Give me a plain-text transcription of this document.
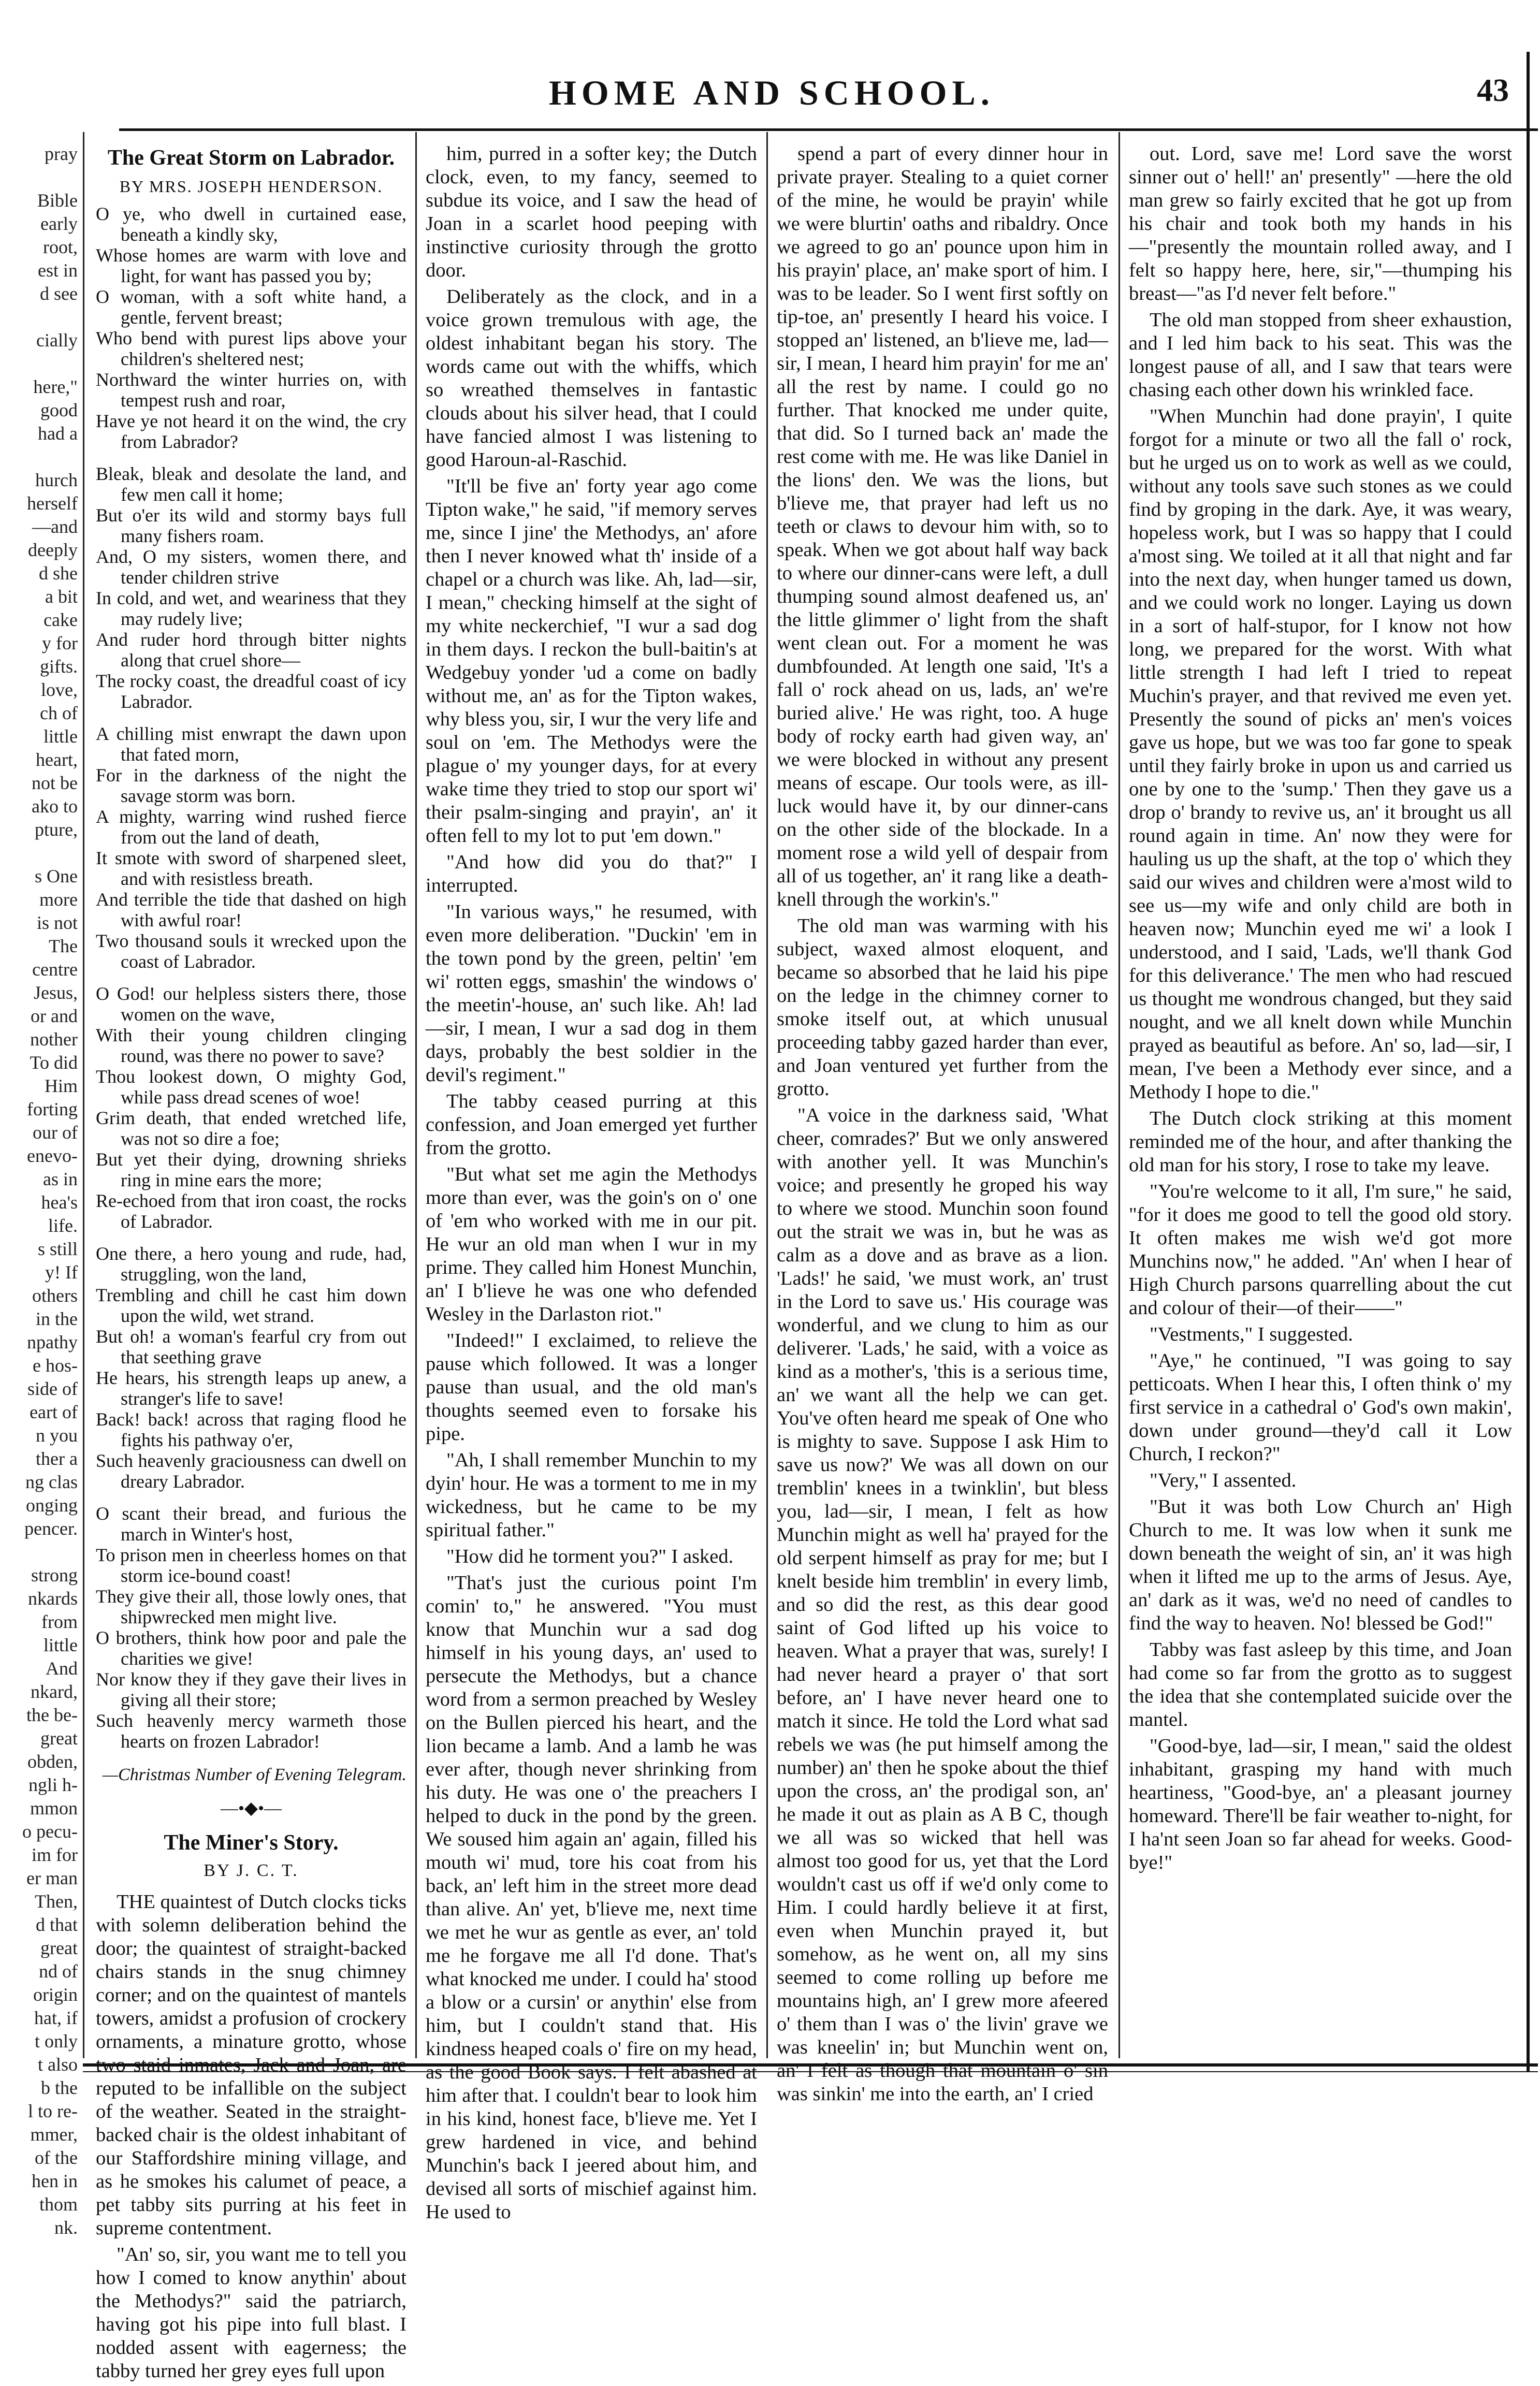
HOME AND SCHOOL.	43
pray

Bible
early
root,
est in
d see

cially

here,"
good
had a

hurch
herself
—and
deeply
d she
a bit
cake
y for
gifts.
love,
ch of
little
heart,
not be
ako to
pture,

s One
more
is not
The
centre
Jesus,
or and
nother
To did
Him
forting
our of
enevo-
as in
hea's
life.
s still
y! If
others
in the
npathy
e hos-
side of
eart of
n you
ther a
ng clas
onging
pencer.

strong
nkards
from
little
And
nkard,
the be-
great
obden,
ngli h-
mmon
o pecu-
im for
er man
Then,
d that
great
nd of
origin
hat, if
t only
t also
b the
l to re-
mmer,
of the
hen in
thom
nk.
The Great Storm on Labrador.
BY MRS. JOSEPH HENDERSON.
O ye, who dwell in curtained ease, beneath a kindly sky,
Whose homes are warm with love and light, for want has passed you by;
O woman, with a soft white hand, a gentle, fervent breast;
Who bend with purest lips above your children's sheltered nest;
Northward the winter hurries on, with tempest rush and roar,
Have ye not heard it on the wind, the cry from Labrador?
Bleak, bleak and desolate the land, and few men call it home;
But o'er its wild and stormy bays full many fishers roam.
And, O my sisters, women there, and tender children strive
In cold, and wet, and weariness that they may rudely live;
And ruder hord through bitter nights along that cruel shore—
The rocky coast, the dreadful coast of icy Labrador.
A chilling mist enwrapt the dawn upon that fated morn,
For in the darkness of the night the savage storm was born.
A mighty, warring wind rushed fierce from out the land of death,
It smote with sword of sharpened sleet, and with resistless breath.
And terrible the tide that dashed on high with awful roar!
Two thousand souls it wrecked upon the coast of Labrador.
O God! our helpless sisters there, those women on the wave,
With their young children clinging round, was there no power to save?
Thou lookest down, O mighty God, while pass dread scenes of woe!
Grim death, that ended wretched life, was not so dire a foe;
But yet their dying, drowning shrieks ring in mine ears the more;
Re-echoed from that iron coast, the rocks of Labrador.
One there, a hero young and rude, had, struggling, won the land,
Trembling and chill he cast him down upon the wild, wet strand.
But oh! a woman's fearful cry from out that seething grave
He hears, his strength leaps up anew, a stranger's life to save!
Back! back! across that raging flood he fights his pathway o'er,
Such heavenly graciousness can dwell on dreary Labrador.
O scant their bread, and furious the march in Winter's host,
To prison men in cheerless homes on that storm ice-bound coast!
They give their all, those lowly ones, that shipwrecked men might live.
O brothers, think how poor and pale the charities we give!
Nor know they if they gave their lives in giving all their store;
Such heavenly mercy warmeth those hearts on frozen Labrador!
—Christmas Number of Evening Telegram.
—•◆•—
The Miner's Story.
BY J. C. T.

THE quaintest of Dutch clocks ticks with solemn deliberation behind the door; the quaintest of straight-backed chairs stands in the snug chimney corner; and on the quaintest of mantels towers, amidst a profusion of crockery ornaments, a minature grotto, whose two staid inmates, Jack and Joan, are reputed to be infallible on the subject of the weather. Seated in the straight-backed chair is the oldest inhabitant of our Staffordshire mining village, and as he smokes his calumet of peace, a pet tabby sits purring at his feet in supreme contentment.

"An' so, sir, you want me to tell you how I comed to know anythin' about the Methodys?" said the patriarch, having got his pipe into full blast. I nodded assent with eagerness; the tabby turned her grey eyes full upon

him, purred in a softer key; the Dutch clock, even, to my fancy, seemed to subdue its voice, and I saw the head of Joan in a scarlet hood peeping with instinctive curiosity through the grotto door.

Deliberately as the clock, and in a voice grown tremulous with age, the oldest inhabitant began his story. The words came out with the whiffs, which so wreathed themselves in fantastic clouds about his silver head, that I could have fancied almost I was listening to good Haroun-al-Raschid.

"It'll be five an' forty year ago come Tipton wake," he said, "if memory serves me, since I jine' the Methodys, an' afore then I never knowed what th' inside of a chapel or a church was like. Ah, lad—sir, I mean," checking himself at the sight of my white neckerchief, "I wur a sad dog in them days. I reckon the bull-baitin's at Wedgebuy yonder 'ud a come on badly without me, an' as for the Tipton wakes, why bless you, sir, I wur the very life and soul on 'em. The Methodys were the plague o' my younger days, for at every wake time they tried to stop our sport wi' their psalm-singing and prayin', an' it often fell to my lot to put 'em down."

"And how did you do that?" I interrupted.

"In various ways," he resumed, with even more deliberation. "Duckin' 'em in the town pond by the green, peltin' 'em wi' rotten eggs, smashin' the windows o' the meetin'-house, an' such like. Ah! lad—sir, I mean, I wur a sad dog in them days, probably the best soldier in the devil's regiment."

The tabby ceased purring at this confession, and Joan emerged yet further from the grotto.

"But what set me agin the Methodys more than ever, was the goin's on o' one of 'em who worked with me in our pit. He wur an old man when I wur in my prime. They called him Honest Munchin, an' I b'lieve he was one who defended Wesley in the Darlaston riot."

"Indeed!" I exclaimed, to relieve the pause which followed. It was a longer pause than usual, and the old man's thoughts seemed even to forsake his pipe.

"Ah, I shall remember Munchin to my dyin' hour. He was a torment to me in my wickedness, but he came to be my spiritual father."

"How did he torment you?" I asked.

"That's just the curious point I'm comin' to," he answered. "You must know that Munchin wur a sad dog himself in his young days, an' used to persecute the Methodys, but a chance word from a sermon preached by Wesley on the Bullen pierced his heart, and the lion became a lamb. And a lamb he was ever after, though never shrinking from his duty. He was one o' the preachers I helped to duck in the pond by the green. We soused him again an' again, filled his mouth wi' mud, tore his coat from his back, an' left him in the street more dead than alive. An' yet, b'lieve me, next time we met he wur as gentle as ever, an' told me he forgave me all I'd done. That's what knocked me under. I could ha' stood a blow or a cursin' or anythin' else from him, but I couldn't stand that. His kindness heaped coals o' fire on my head, as the good Book says. I felt abashed at him after that. I couldn't bear to look him in his kind, honest face, b'lieve me. Yet I grew hardened in vice, and behind Munchin's back I jeered about him, and devised all sorts of mischief against him. He used to

spend a part of every dinner hour in private prayer. Stealing to a quiet corner of the mine, he would be prayin' while we were blurtin' oaths and ribaldry. Once we agreed to go an' pounce upon him in his prayin' place, an' make sport of him. I was to be leader. So I went first softly on tip-toe, an' presently I heard his voice. I stopped an' listened, an b'lieve me, lad—sir, I mean, I heard him prayin' for me an' all the rest by name. I could go no further. That knocked me under quite, that did. So I turned back an' made the rest come with me. He was like Daniel in the lions' den. We was the lions, but b'lieve me, that prayer had left us no teeth or claws to devour him with, so to speak. When we got about half way back to where our dinner-cans were left, a dull thumping sound almost deafened us, an' the little glimmer o' light from the shaft went clean out. For a moment he was dumbfounded. At length one said, 'It's a fall o' rock ahead on us, lads, an' we're buried alive.' He was right, too. A huge body of rocky earth had given way, an' we were blocked in without any present means of escape. Our tools were, as ill-luck would have it, by our dinner-cans on the other side of the blockade. In a moment rose a wild yell of despair from all of us together, an' it rang like a death-knell through the workin's."

The old man was warming with his subject, waxed almost eloquent, and became so absorbed that he laid his pipe on the ledge in the chimney corner to smoke itself out, at which unusual proceeding tabby gazed harder than ever, and Joan ventured yet further from the grotto.

"A voice in the darkness said, 'What cheer, comrades?' But we only answered with another yell. It was Munchin's voice; and presently he groped his way to where we stood. Munchin soon found out the strait we was in, but he was as calm as a dove and as brave as a lion. 'Lads!' he said, 'we must work, an' trust in the Lord to save us.' His courage was wonderful, and we clung to him as our deliverer. 'Lads,' he said, with a voice as kind as a mother's, 'this is a serious time, an' we want all the help we can get. You've often heard me speak of One who is mighty to save. Suppose I ask Him to save us now?' We was all down on our tremblin' knees in a twinklin', but bless you, lad—sir, I mean, I felt as how Munchin might as well ha' prayed for the old serpent himself as pray for me; but I knelt beside him tremblin' in every limb, and so did the rest, as this dear good saint of God lifted up his voice to heaven. What a prayer that was, surely! I had never heard a prayer o' that sort before, an' I have never heard one to match it since. He told the Lord what sad rebels we was (he put himself among the number) an' then he spoke about the thief upon the cross, an' the prodigal son, an' he made it out as plain as A B C, though we all was so wicked that hell was almost too good for us, yet that the Lord wouldn't cast us off if we'd only come to Him. I could hardly believe it at first, even when Munchin prayed it, but somehow, as he went on, all my sins seemed to come rolling up before me mountains high, an' I grew more afeered o' them than I was o' the livin' grave we was kneelin' in; but Munchin went on, an' I felt as though that mountain o' sin was sinkin' me into the earth, an' I cried

out. Lord, save me! Lord save the worst sinner out o' hell!' an' presently" —here the old man grew so fairly excited that he got up from his chair and took both my hands in his—"presently the mountain rolled away, and I felt so happy here, here, sir,"—thumping his breast—"as I'd never felt before."

The old man stopped from sheer exhaustion, and I led him back to his seat. This was the longest pause of all, and I saw that tears were chasing each other down his wrinkled face.

"When Munchin had done prayin', I quite forgot for a minute or two all the fall o' rock, but he urged us on to work as well as we could, without any tools save such stones as we could find by groping in the dark. Aye, it was weary, hopeless work, but I was so happy that I could a'most sing. We toiled at it all that night and far into the next day, when hunger tamed us down, and we could work no longer. Laying us down in a sort of half-stupor, for I know not how long, we prepared for the worst. With what little strength I had left I tried to repeat Muchin's prayer, and that revived me even yet. Presently the sound of picks an' men's voices gave us hope, but we was too far gone to speak until they fairly broke in upon us and carried us one by one to the 'sump.' Then they gave us a drop o' brandy to revive us, an' it brought us all round again in time. An' now they were for hauling us up the shaft, at the top o' which they said our wives and children were a'most wild to see us—my wife and only child are both in heaven now; Munchin eyed me wi' a look I understood, and I said, 'Lads, we'll thank God for this deliverance.' The men who had rescued us thought me wondrous changed, but they said nought, and we all knelt down while Munchin prayed as beautiful as before. An' so, lad—sir, I mean, I've been a Methody ever since, and a Methody I hope to die."

The Dutch clock striking at this moment reminded me of the hour, and after thanking the old man for his story, I rose to take my leave.

"You're welcome to it all, I'm sure," he said, "for it does me good to tell the good old story. It often makes me wish we'd got more Munchins now," he added. "An' when I hear of High Church parsons quarrelling about the cut and colour of their—of their——"

"Vestments," I suggested.

"Aye," he continued, "I was going to say petticoats. When I hear this, I often think o' my first service in a cathedral o' God's own makin', down under ground—they'd call it Low Church, I reckon?"

"Very," I assented.

"But it was both Low Church an' High Church to me. It was low when it sunk me down beneath the weight of sin, an' it was high when it lifted me up to the arms of Jesus. Aye, an' dark as it was, we'd no need of candles to find the way to heaven. No! blessed be God!"

Tabby was fast asleep by this time, and Joan had come so far from the grotto as to suggest the idea that she contemplated suicide over the mantel.

"Good-bye, lad—sir, I mean," said the oldest inhabitant, grasping my hand with much heartiness, "Good-bye, an' a pleasant journey homeward. There'll be fair weather to-night, for I ha'nt seen Joan so far ahead for weeks. Good-bye!"
